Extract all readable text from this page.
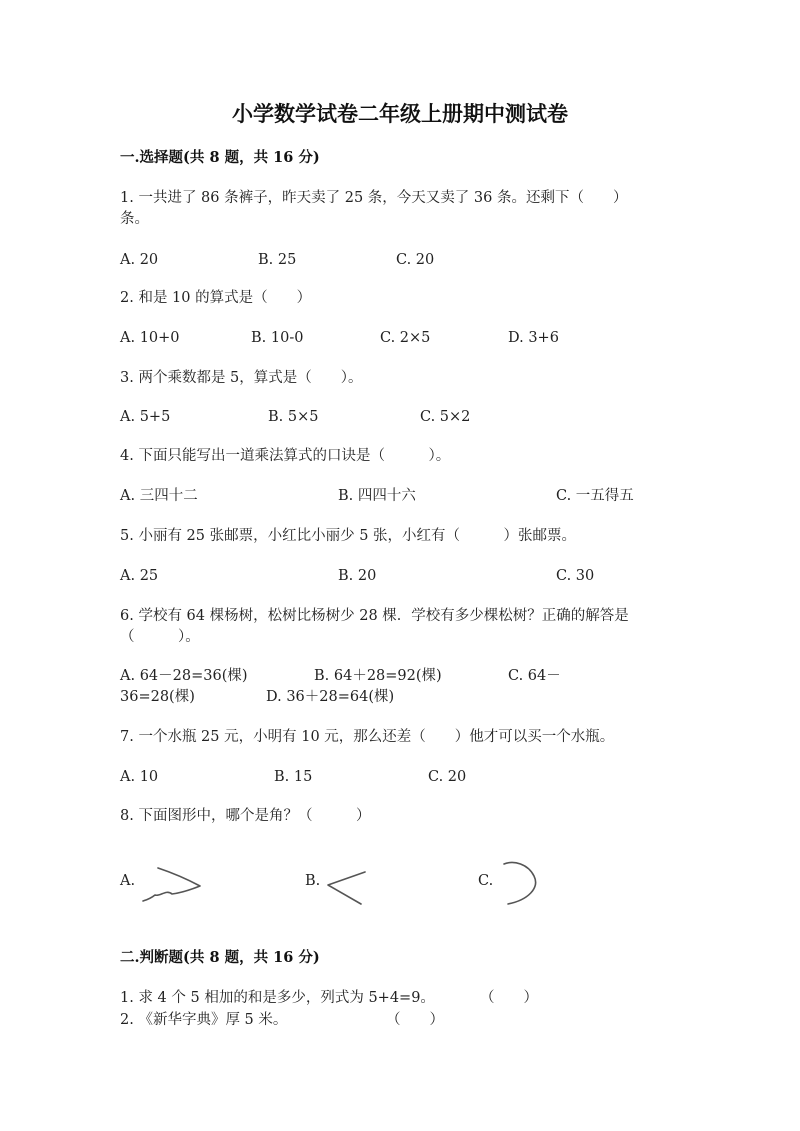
小学数学试卷二年级上册期中测试卷
一.选择题(共 8 题，共 16 分)
1. 一共进了 86 条裤子，昨天卖了 25 条，今天又卖了 36 条。还剩下（　　）
条。
A. 20	B. 25	C. 20
2. 和是 10 的算式是（　　）
A. 10+0	B. 10-0	C. 2×5	D. 3+6
3. 两个乘数都是 5，算式是（　　）。
A. 5+5	B. 5×5	C. 5×2
4. 下面只能写出一道乘法算式的口诀是（　　　）。
A. 三四十二	B. 四四十六	C. 一五得五
5. 小丽有 25 张邮票，小红比小丽少 5 张，小红有（　　　）张邮票。
A. 25	B. 20	C. 30
6. 学校有 64 棵杨树，松树比杨树少 28 棵．学校有多少棵松树？正确的解答是
（　　　）。
A. 64－28=36(棵)	B. 64＋28=92(棵)	C. 64－
36=28(棵)	D. 36＋28=64(棵)
7. 一个水瓶 25 元，小明有 10 元，那么还差（　　）他才可以买一个水瓶。
A. 10	B. 15	C. 20
8. 下面图形中，哪个是角？（　　　）
A.	B.	C.
二.判断题(共 8 题，共 16 分)
1. 求 4 个 5 相加的和是多少，列式为 5+4=9。	（　　）
2. 《新华字典》厚 5 米。	（　　）
